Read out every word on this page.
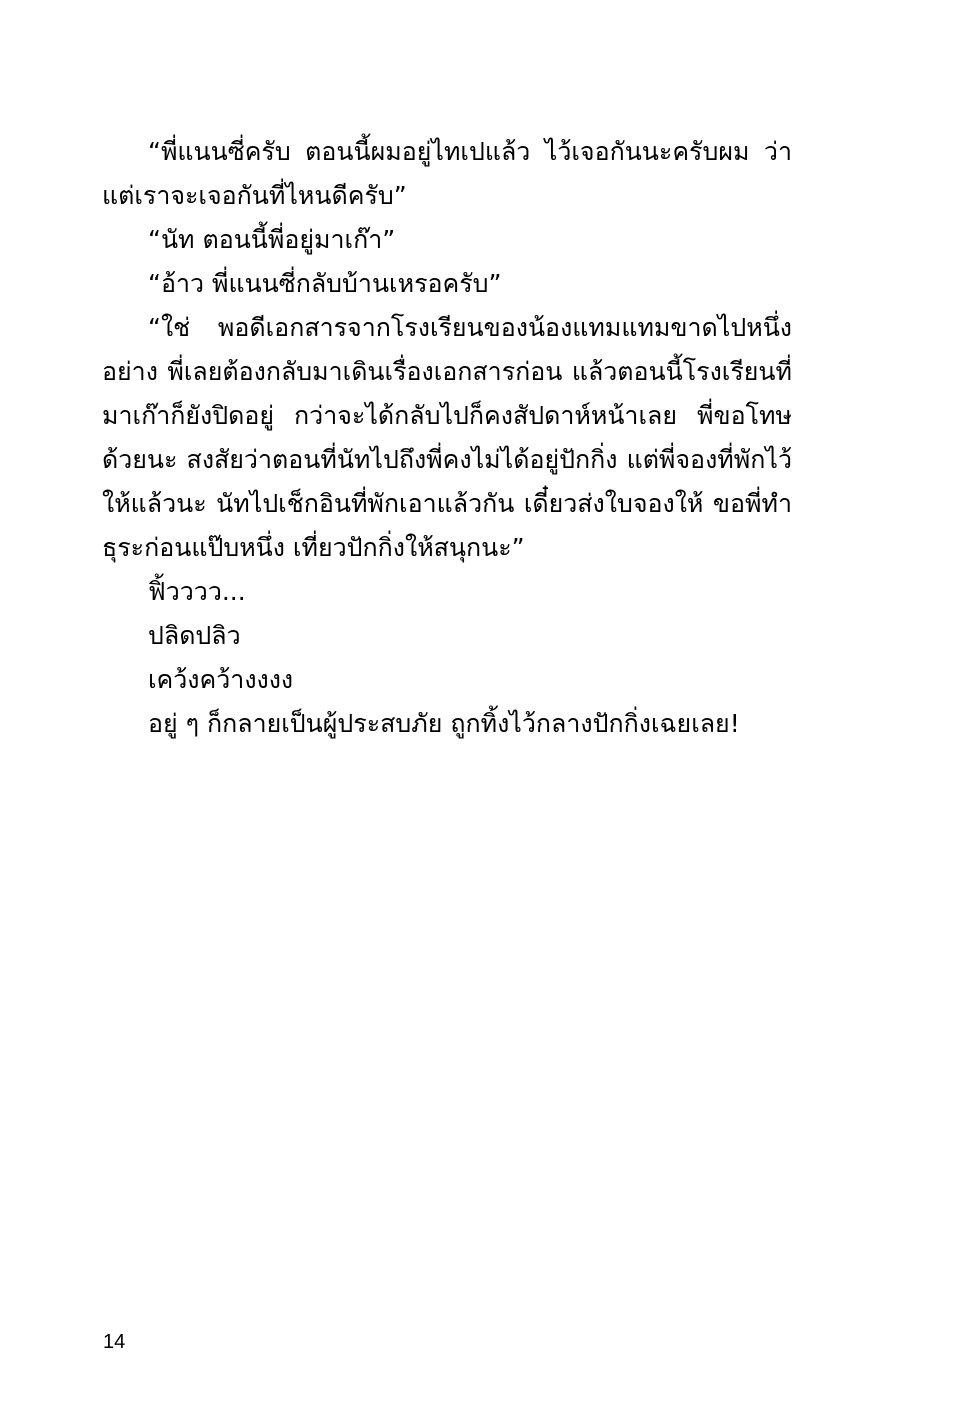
“พี่แนนซี่ครับ ตอนนี้ผมอยู่ไทเปแล้ว ไว้เจอกันนะครับผม ว่าแต่เราจะเจอกันที่ไหนดีครับ”

“นัท ตอนนี้พี่อยู่มาเก๊า”

“อ้าว พี่แนนซี่กลับบ้านเหรอครับ”

“ใช่ พอดีเอกสารจากโรงเรียนของน้องแทมแทมขาดไปหนึ่งอย่าง พี่เลยต้องกลับมาเดินเรื่องเอกสารก่อน แล้วตอนนี้โรงเรียนที่มาเก๊าก็ยังปิดอยู่ กว่าจะได้กลับไปก็คงสัปดาห์หน้าเลย พี่ขอโทษด้วยนะ สงสัยว่าตอนที่นัทไปถึงพี่คงไม่ได้อยู่ปักกิ่ง แต่พี่จองที่พักไว้ให้แล้วนะ นัทไปเช็กอินที่พักเอาแล้วกัน เดี๋ยวส่งใบจองให้ ขอพี่ทำธุระก่อนแป๊บหนึ่ง เที่ยวปักกิ่งให้สนุกนะ”

ฟิ้วววว...

ปลิดปลิว

เคว้งคว้างงงง

อยู่ ๆ ก็กลายเป็นผู้ประสบภัย ถูกทิ้งไว้กลางปักกิ่งเฉยเลย!

14
